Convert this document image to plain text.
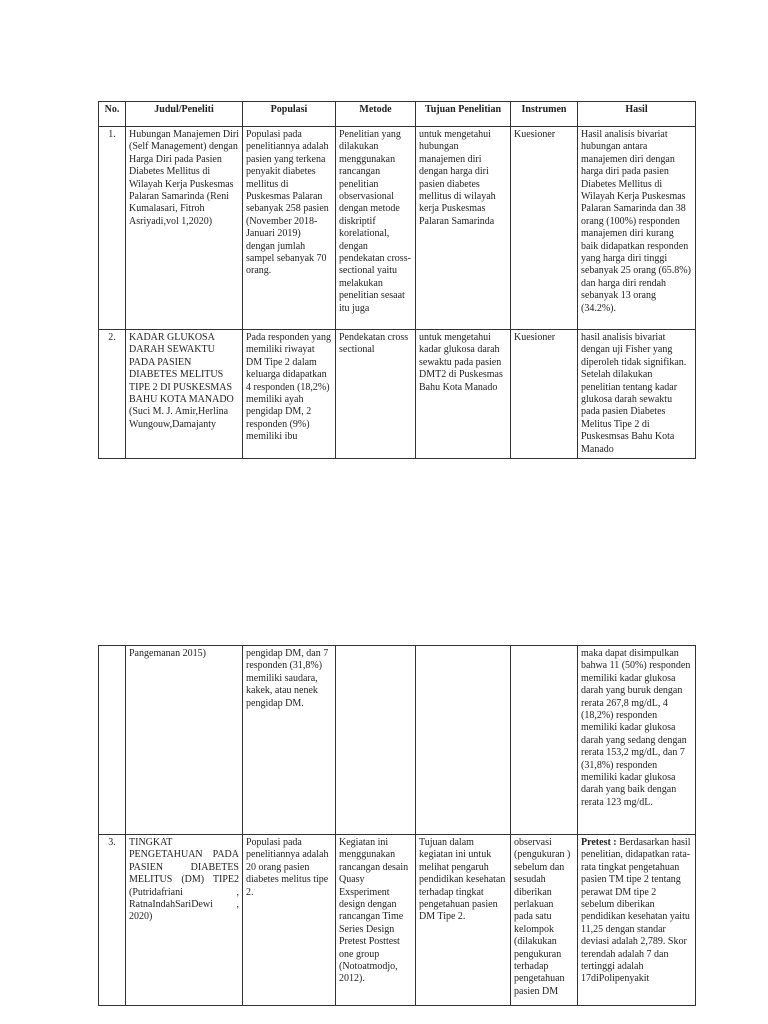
No.	Judul/Peneliti	Populasi	Metode	Tujuan Penelitian	Instrumen	Hasil
1.	Hubungan Manajemen Diri (Self Management) dengan Harga Diri pada Pasien Diabetes Mellitus di Wilayah Kerja Puskesmas Palaran Samarinda (Reni Kumalasari, Fitroh Asriyadi,vol 1,2020)	Populasi pada penelitiannya adalah pasien yang terkena penyakit diabetes mellitus di Puskesmas Palaran sebanyak 258 pasien (November 2018-Januari 2019) dengan jumlah sampel sebanyak 70 orang.	Penelitian yang dilakukan menggunakan rancangan penelitian observasional dengan metode diskriptif korelational, dengan pendekatan cross-sectional yaitu melakukan penelitian sesaat itu juga	untuk mengetahui hubungan manajemen diri dengan harga diri pasien diabetes mellitus di wilayah kerja Puskesmas Palaran Samarinda	Kuesioner	Hasil analisis bivariat hubungan antara manajemen diri dengan harga diri pada pasien Diabetes Mellitus di Wilayah Kerja Puskesmas Palaran Samarinda dan 38 orang (100%) responden manajemen diri kurang baik didapatkan responden yang harga diri tinggi sebanyak 25 orang (65.8%) dan harga diri rendah sebanyak 13 orang (34.2%).
2.	KADAR GLUKOSA DARAH SEWAKTU PADA PASIEN DIABETES MELITUS TIPE 2 DI PUSKESMAS BAHU KOTA MANADO (Suci M. J. Amir,Herlina Wungouw,Damajanty	Pada responden yang memiliki riwayat DM Tipe 2 dalam keluarga didapatkan 4 responden (18,2%) memiliki ayah pengidap DM, 2 responden (9%) memiliki ibu	Pendekatan cross sectional	untuk mengetahui kadar glukosa darah sewaktu pada pasien DMT2 di Puskesmas Bahu Kota Manado	Kuesioner	hasil analisis bivariat dengan uji Fisher yang diperoleh tidak signifikan. Setelah dilakukan penelitian tentang kadar glukosa darah sewaktu pada pasien Diabetes Melitus Tipe 2 di Puskesmsas Bahu Kota Manado
	Pangemanan 2015)	pengidap DM, dan 7 responden (31,8%) memiliki saudara, kakek, atau nenek pengidap DM.				maka dapat disimpulkan bahwa 11 (50%) responden memiliki kadar glukosa darah yang buruk dengan rerata 267,8 mg/dL, 4 (18,2%) responden memiliki kadar glukosa darah yang sedang dengan rerata 153,2 mg/dL, dan 7 (31,8%) responden memiliki kadar glukosa darah yang baik dengan rerata 123 mg/dL.
3.	TINGKAT PENGETAHUAN PADA PASIEN DIABETES MELITUS (DM) TIPE2 (Putridafriani , RatnaIndahSariDewi , 2020)	Populasi pada penelitiannya adalah 20 orang pasien diabetes melitus tipe 2.	Kegiatan ini menggunakan rancangan desain Quasy Exsperiment design dengan rancangan Time Series Design Pretest Posttest one group (Notoatmodjo, 2012).	Tujuan dalam kegiatan ini untuk melihat pengaruh pendidikan kesehatan terhadap tingkat pengetahuan pasien DM Tipe 2.	observasi (pengukuran ) sebelum dan sesudah diberikan perlakuan pada satu kelompok (dilakukan pengukuran terhadap pengetahuan pasien DM	Pretest : Berdasarkan hasil penelitian, didapatkan rata-rata tingkat pengetahuan pasien TM tipe 2 tentang perawat DM tipe 2 sebelum diberikan pendidikan kesehatan yaitu 11,25 dengan standar deviasi adalah 2,789. Skor terendah adalah 7 dan tertinggi adalah 17diPolipenyakit
